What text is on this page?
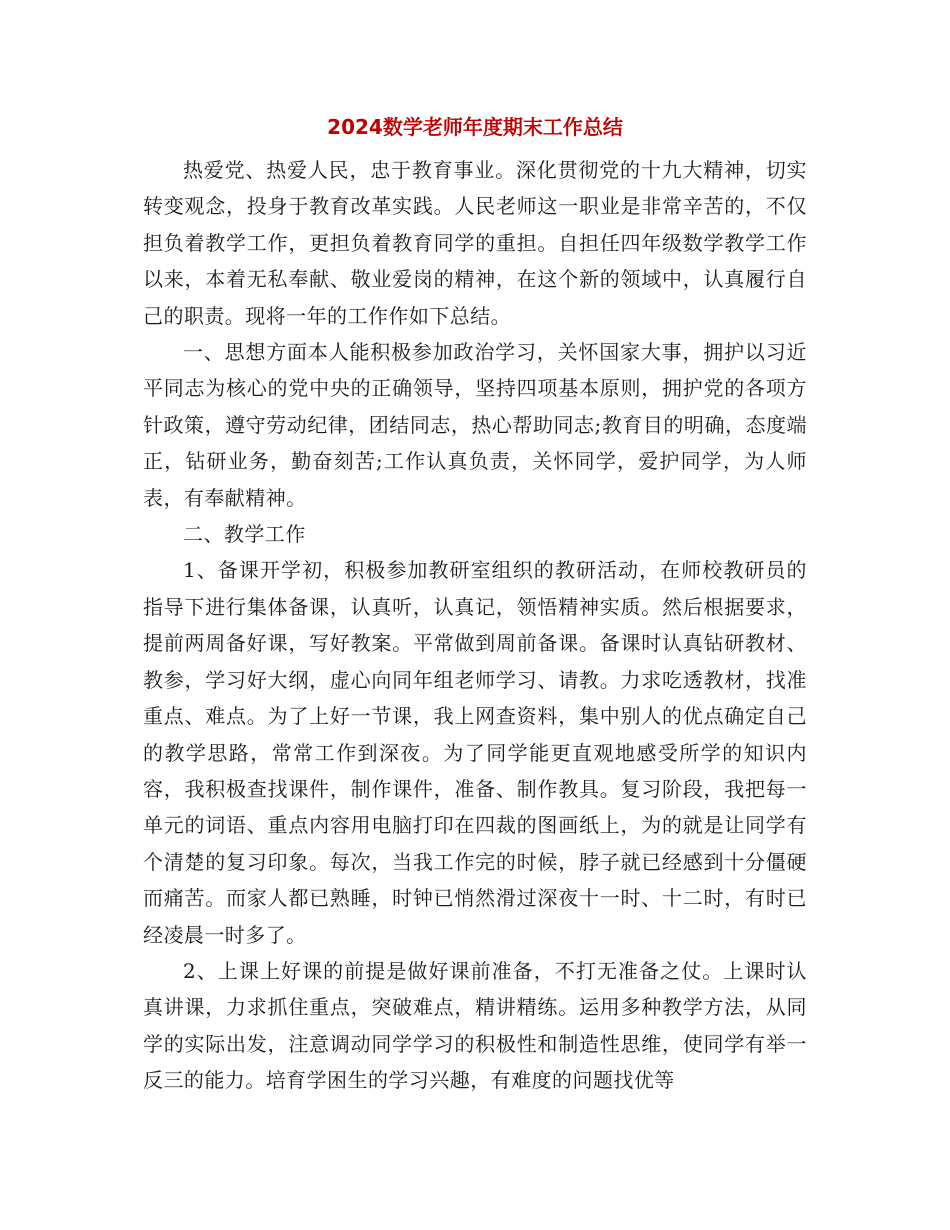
2024数学老师年度期末工作总结

热爱党、热爱人民，忠于教育事业。深化贯彻党的十九大精神，切实转变观念，投身于教育改革实践。人民老师这一职业是非常辛苦的，不仅担负着教学工作，更担负着教育同学的重担。自担任四年级数学教学工作以来，本着无私奉献、敬业爱岗的精神，在这个新的领域中，认真履行自己的职责。现将一年的工作作如下总结。

一、思想方面本人能积极参加政治学习，关怀国家大事，拥护以习近平同志为核心的党中央的正确领导，坚持四项基本原则，拥护党的各项方针政策，遵守劳动纪律，团结同志，热心帮助同志;教育目的明确，态度端正，钻研业务，勤奋刻苦;工作认真负责，关怀同学，爱护同学，为人师表，有奉献精神。

二、教学工作

1、备课开学初，积极参加教研室组织的教研活动，在师校教研员的指导下进行集体备课，认真听，认真记，领悟精神实质。然后根据要求，提前两周备好课，写好教案。平常做到周前备课。备课时认真钻研教材、教参，学习好大纲，虚心向同年组老师学习、请教。力求吃透教材，找准重点、难点。为了上好一节课，我上网查资料，集中别人的优点确定自己的教学思路，常常工作到深夜。为了同学能更直观地感受所学的知识内容，我积极查找课件，制作课件，准备、制作教具。复习阶段，我把每一单元的词语、重点内容用电脑打印在四裁的图画纸上，为的就是让同学有个清楚的复习印象。每次，当我工作完的时候，脖子就已经感到十分僵硬而痛苦。而家人都已熟睡，时钟已悄然滑过深夜十一时、十二时，有时已经凌晨一时多了。

2、上课上好课的前提是做好课前准备，不打无准备之仗。上课时认真讲课，力求抓住重点，突破难点，精讲精练。运用多种教学方法，从同学的实际出发，注意调动同学学习的积极性和制造性思维，使同学有举一反三的能力。培育学困生的学习兴趣，有难度的问题找优等
